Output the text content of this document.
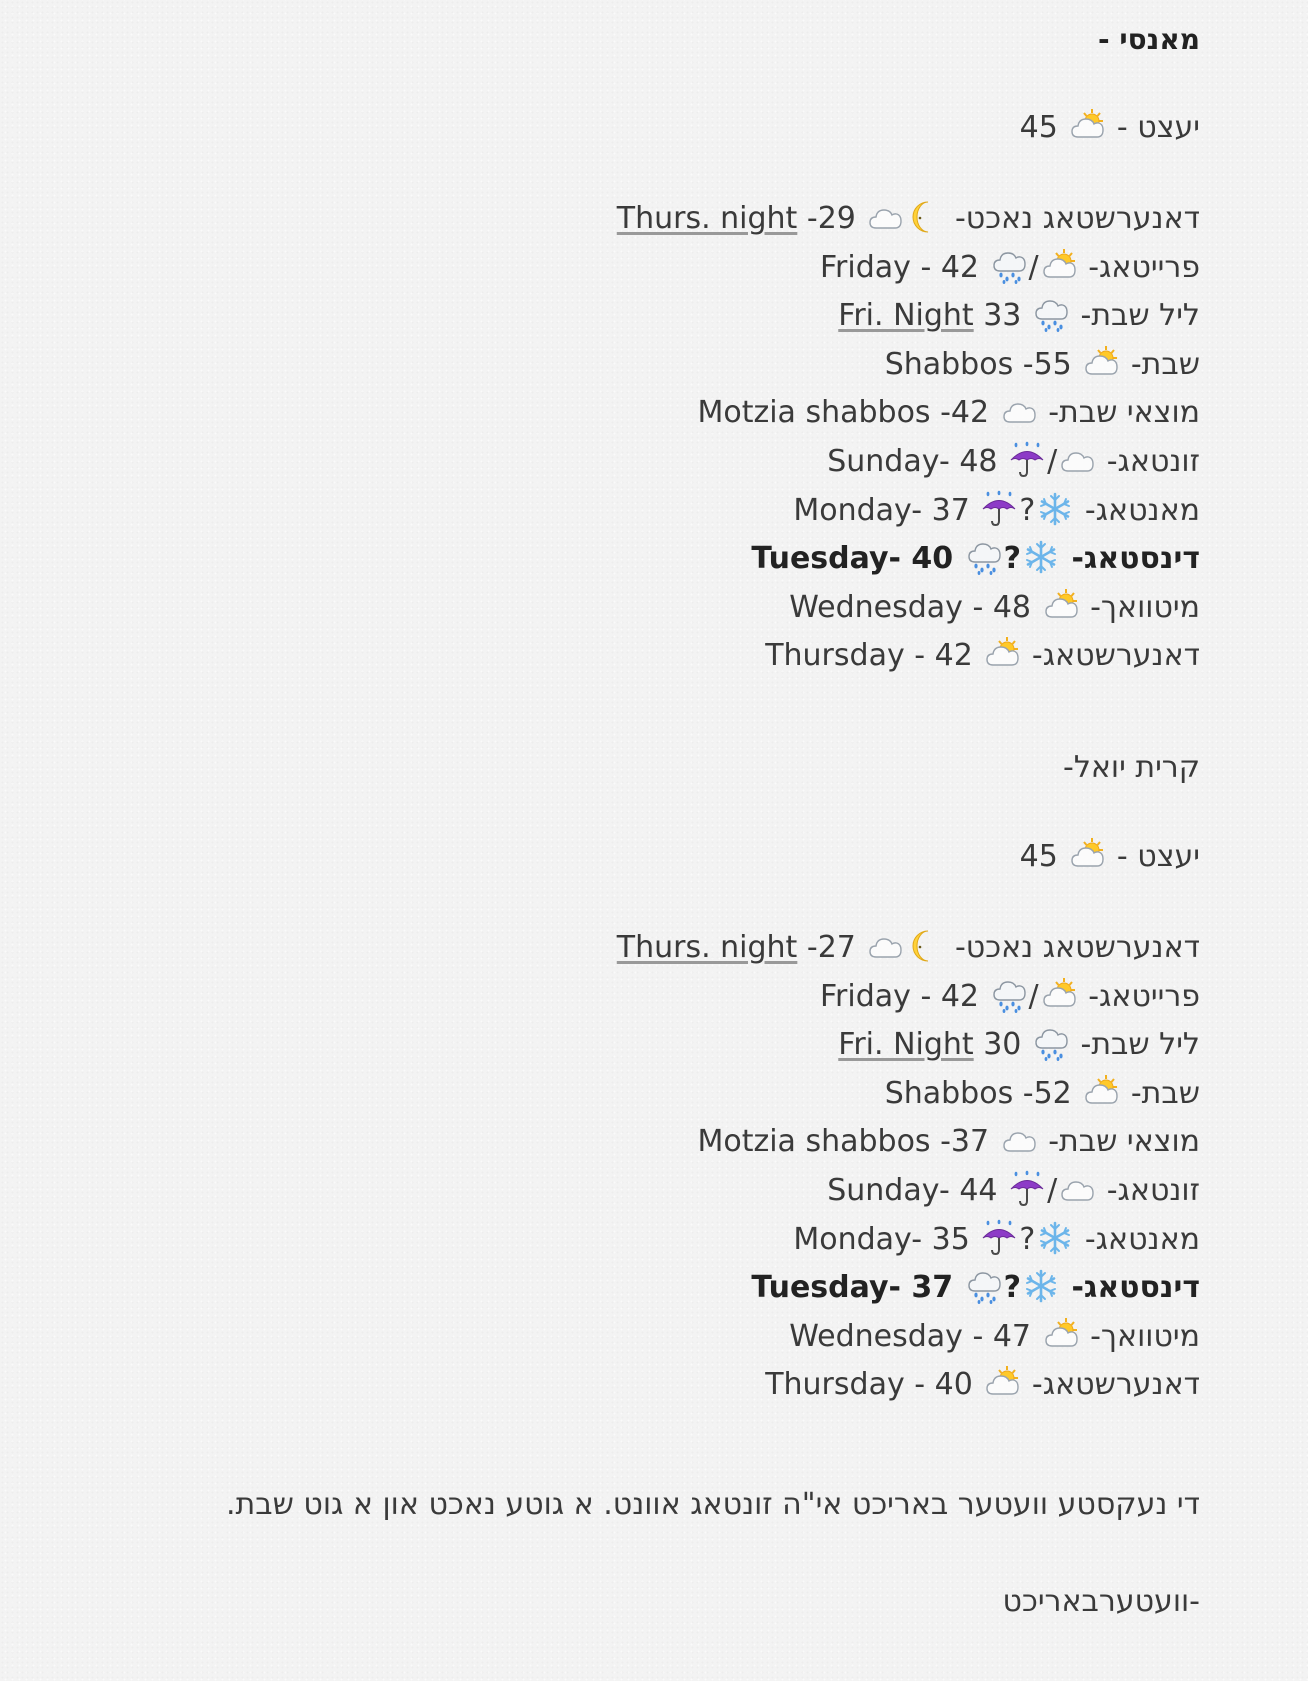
מאנסי -
יעצט -
45
דאנערשטאג נאכט-
Thurs. night -29
פרייטאג-
/
Friday - 42
ליל שבת-
Fri. Night 33
שבת-
Shabbos -55
מוצאי שבת-
Motzia shabbos -42
זונטאג-
/
Sunday- 48
מאנטאג-
?
Monday- 37
דינסטאג-
?
Tuesday- 40
מיטוואך-
Wednesday - 48
דאנערשטאג-
Thursday - 42
קרית יואל-
יעצט -
45
דאנערשטאג נאכט-
Thurs. night -27
פרייטאג-
/
Friday - 42
ליל שבת-
Fri. Night 30
שבת-
Shabbos -52
מוצאי שבת-
Motzia shabbos -37
זונטאג-
/
Sunday- 44
מאנטאג-
?
Monday- 35
דינסטאג-
?
Tuesday- 37
מיטוואך-
Wednesday - 47
דאנערשטאג-
Thursday - 40
די נעקסטע וועטער באריכט אי"ה זונטאג אוונט. א גוטע נאכט און א גוט שבת.
-וועטערבאריכט
